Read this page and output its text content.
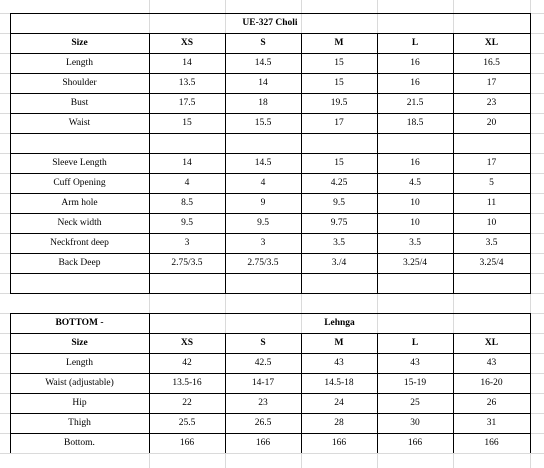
UE-327 Choli
Size	XS	S	M	L	XL
Length	14	14.5	15	16	16.5
Shoulder	13.5	14	15	16	17
Bust	17.5	18	19.5	21.5	23
Waist	15	15.5	17	18.5	20
Sleeve Length	14	14.5	15	16	17
Cuff Opening	4	4	4.25	4.5	5
Arm hole	8.5	9	9.5	10	11
Neck width	9.5	9.5	9.75	10	10
Neckfront deep	3	3	3.5	3.5	3.5
Back Deep	2.75/3.5	2.75/3.5	3./4	3.25/4	3.25/4
BOTTOM -	Lehnga
Size	XS	S	M	L	XL
Length	42	42.5	43	43	43
Waist (adjustable)	13.5-16	14-17	14.5-18	15-19	16-20
Hip	22	23	24	25	26
Thigh	25.5	26.5	28	30	31
Bottom.	166	166	166	166	166
